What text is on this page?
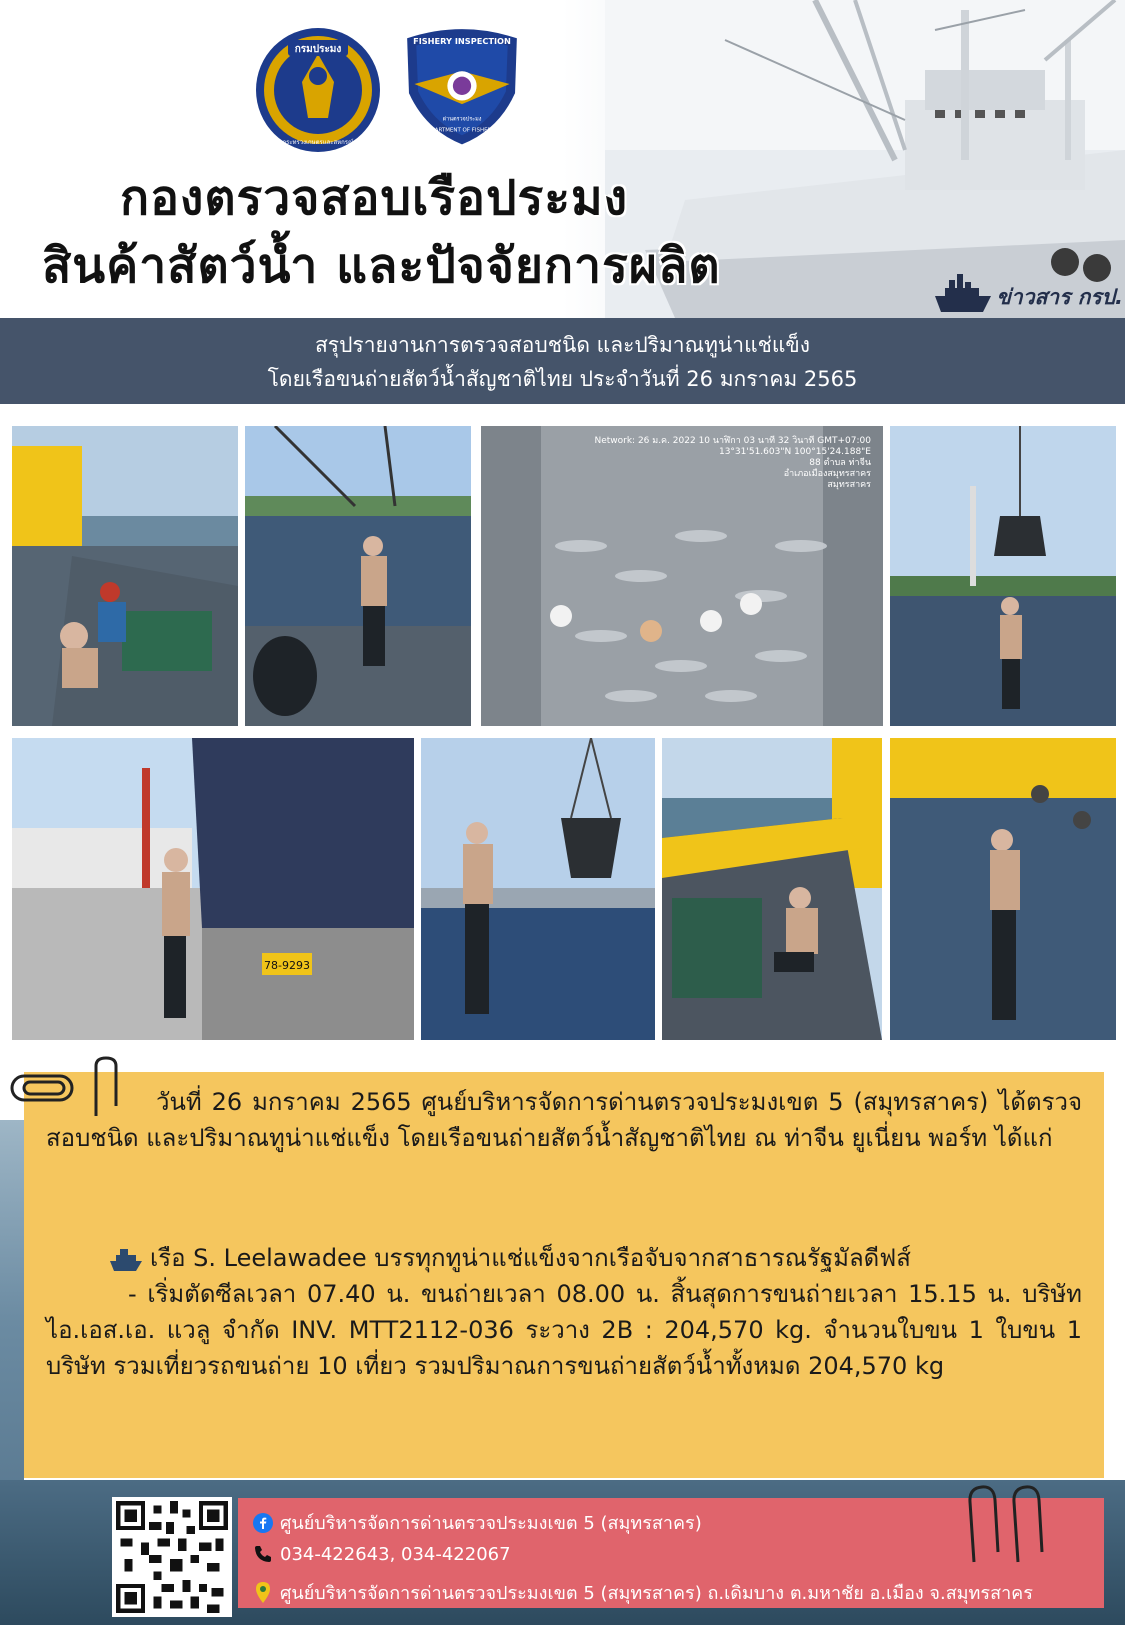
กรมประมง
กระทรวงเกษตรและสหกรณ์
FISHERY INSPECTION
ด่านตรวจประมง
DEPARTMENT OF FISHERIES
กองตรวจสอบเรือประมง
สินค้าสัตว์น้ำ และปัจจัยการผลิต
ข่าวสาร กรป.

สรุปรายงานการตรวจสอบชนิด และปริมาณทูน่าแช่แข็ง

โดยเรือขนถ่ายสัตว์น้ำสัญชาติไทย ประจำวันที่ 26 มกราคม 2565

Network: 26 ม.ค. 2022 10 นาฬิกา 03 นาที 32 วินาที GMT+07:00
13°31'51.603"N 100°15'24.188"E
88 ตำบล ท่าจีน
อำเภอเมืองสมุทรสาคร
สมุทรสาคร
78-9293

วันที่ 26 มกราคม 2565 ศูนย์บริหารจัดการด่านตรวจประมงเขต 5 (สมุทรสาคร) ได้ตรวจสอบชนิด และปริมาณทูน่าแช่แข็ง โดยเรือขนถ่ายสัตว์น้ำสัญชาติไทย ณ ท่าจีน ยูเนี่ยน พอร์ท ได้แก่

เรือ S. Leelawadee บรรทุกทูน่าแช่แข็งจากเรือจับจากสาธารณรัฐมัลดีฟส์

- เริ่มตัดซีลเวลา 07.40 น. ขนถ่ายเวลา 08.00 น. สิ้นสุดการขนถ่ายเวลา 15.15 น. บริษัท ไอ.เอส.เอ. แวลู จำกัด INV. MTT2112-036 ระวาง 2B : 204,570 kg. จำนวนใบขน 1 ใบขน 1 บริษัท รวมเที่ยวรถขนถ่าย 10 เที่ยว รวมปริมาณการขนถ่ายสัตว์น้ำทั้งหมด 204,570 kg

ศูนย์บริหารจัดการด่านตรวจประมงเขต 5 (สมุทรสาคร)
034-422643, 034-422067
ศูนย์บริหารจัดการด่านตรวจประมงเขต 5 (สมุทรสาคร) ถ.เดิมบาง ต.มหาชัย อ.เมือง จ.สมุทรสาคร
